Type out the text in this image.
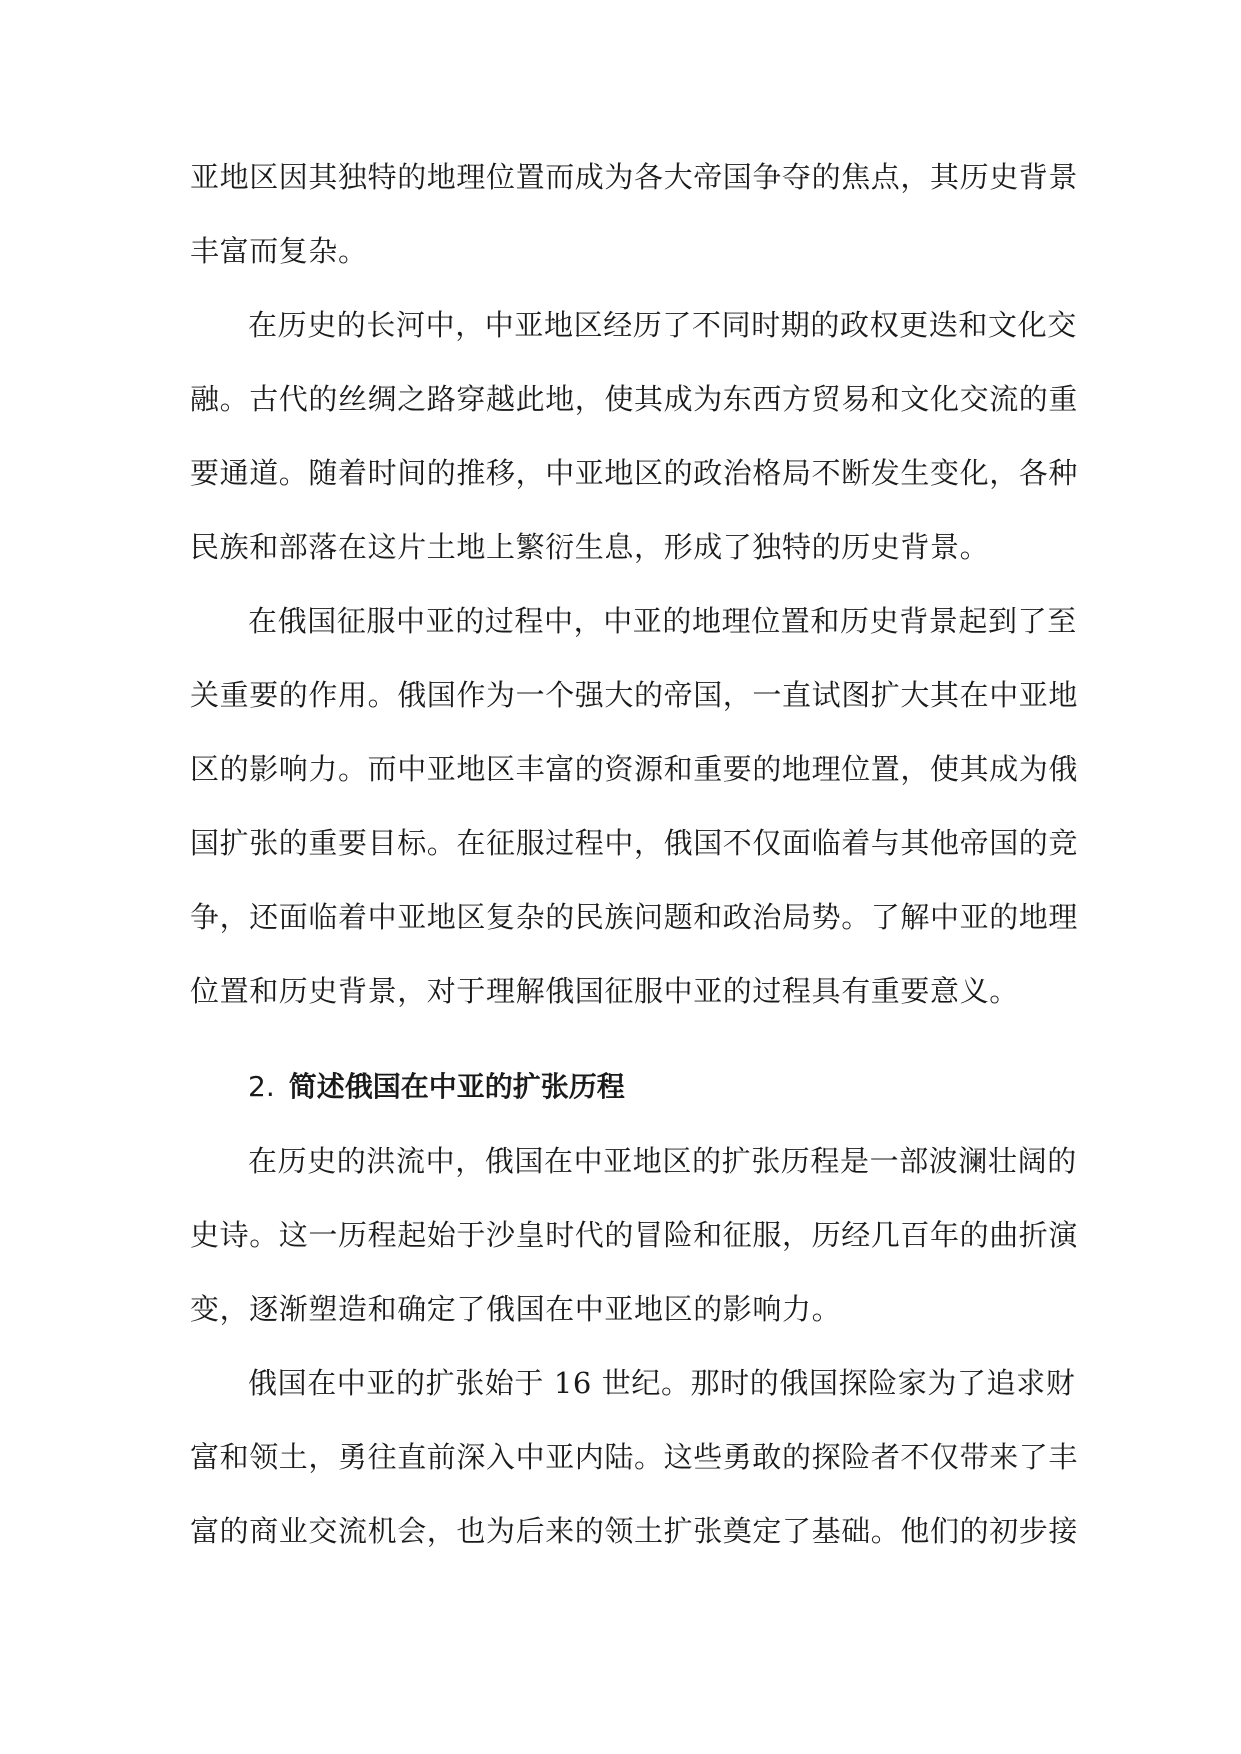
亚地区因其独特的地理位置而成为各大帝国争夺的焦点，其历史背景
丰富而复杂。
在历史的长河中，中亚地区经历了不同时期的政权更迭和文化交
融。古代的丝绸之路穿越此地，使其成为东西方贸易和文化交流的重
要通道。随着时间的推移，中亚地区的政治格局不断发生变化，各种
民族和部落在这片土地上繁衍生息，形成了独特的历史背景。
在俄国征服中亚的过程中，中亚的地理位置和历史背景起到了至
关重要的作用。俄国作为一个强大的帝国，一直试图扩大其在中亚地
区的影响力。而中亚地区丰富的资源和重要的地理位置，使其成为俄
国扩张的重要目标。在征服过程中，俄国不仅面临着与其他帝国的竞
争，还面临着中亚地区复杂的民族问题和政治局势。了解中亚的地理
位置和历史背景，对于理解俄国征服中亚的过程具有重要意义。
2. 简述俄国在中亚的扩张历程
在历史的洪流中，俄国在中亚地区的扩张历程是一部波澜壮阔的
史诗。这一历程起始于沙皇时代的冒险和征服，历经几百年的曲折演
变，逐渐塑造和确定了俄国在中亚地区的影响力。
俄国在中亚的扩张始于 16 世纪。那时的俄国探险家为了追求财
富和领土，勇往直前深入中亚内陆。这些勇敢的探险者不仅带来了丰
富的商业交流机会，也为后来的领土扩张奠定了基础。他们的初步接
